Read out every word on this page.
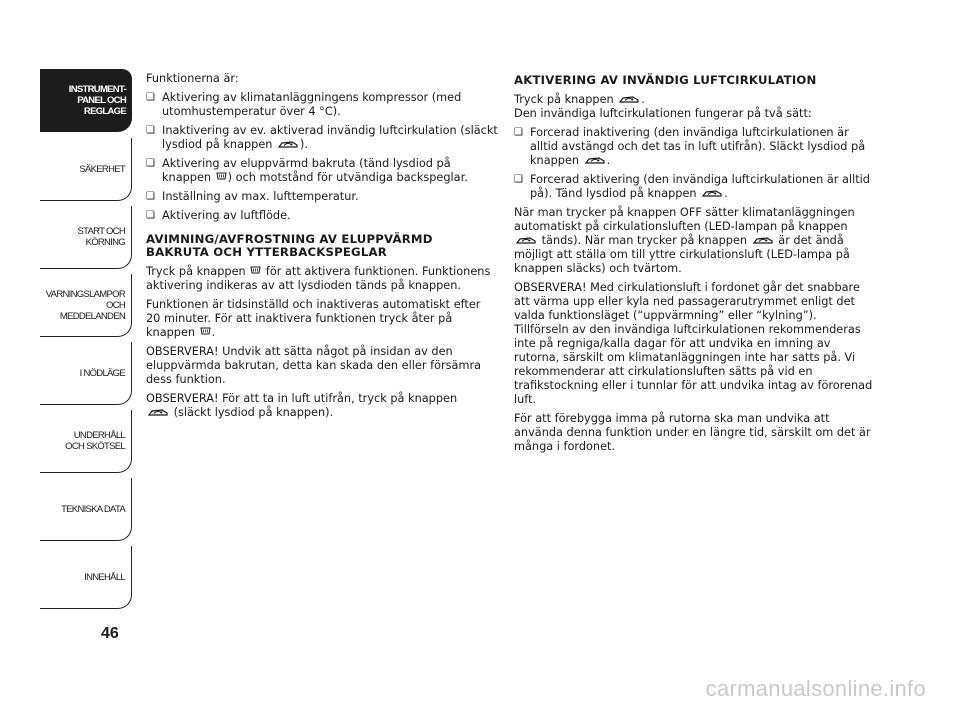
INSTRUMENT-
PANEL OCH
REGLAGE
SÄKERHET
START OCH
KÖRNING
VARNINGSLAMPOR
OCH
MEDDELANDEN
I NÖDLÄGE
UNDERHÅLL
OCH SKÖTSEL
TEKNISKA DATA
INNEHÅLL
46

Funktionerna är:

❏ Aktivering av klimatanläggningens kompressor (med utomhustemperatur över 4 °C).
❏ Inaktivering av ev. aktiverad invändig luftcirkulation (släckt lysdiod på knappen ).
❏ Aktivering av eluppvärmd bakruta (tänd lysdiod på knappen ) och motstånd för utvändiga backspeglar.
❏ Inställning av max. lufttemperatur.
❏ Aktivering av luftflöde.
AVIMNING/AVFROSTNING AV ELUPPVÄRMD BAKRUTA OCH YTTERBACKSPEGLAR

Tryck på knappen  för att aktivera funktionen. Funktionens aktivering indikeras av att lysdioden tänds på knappen.

Funktionen är tidsinställd och inaktiveras automatiskt efter 20 minuter. För att inaktivera funktionen tryck åter på knappen .

OBSERVERA! Undvik att sätta något på insidan av den eluppvärmda bakrutan, detta kan skada den eller försämra dess funktion.

OBSERVERA! För att ta in luft utifrån, tryck på knappen
(släckt lysdiod på knappen).

AKTIVERING AV INVÄNDIG LUFTCIRKULATION

Tryck på knappen .
Den invändiga luftcirkulationen fungerar på två sätt:

❏ Forcerad inaktivering (den invändiga luftcirkulationen är alltid avstängd och det tas in luft utifrån). Släckt lysdiod på knappen .
❏ Forcerad aktivering (den invändiga luftcirkulationen är alltid på). Tänd lysdiod på knappen .

När man trycker på knappen OFF sätter klimatanläggningen automatiskt på cirkulationsluften (LED-lampan på knappen  tänds). När man trycker på knappen  är det ändå möjligt att ställa om till yttre cirkulationsluft (LED-lampa på knappen släcks) och tvärtom.

OBSERVERA! Med cirkulationsluft i fordonet går det snabbare att värma upp eller kyla ned passagerarutrymmet enligt det valda funktionsläget (“uppvärmning” eller “kylning”). Tillförseln av den invändiga luftcirkulationen rekommenderas inte på regniga/kalla dagar för att undvika en imning av rutorna, särskilt om klimatanläggningen inte har satts på. Vi rekommenderar att cirkulationsluften sätts på vid en trafikstockning eller i tunnlar för att undvika intag av förorenad luft.

För att förebygga imma på rutorna ska man undvika att använda denna funktion under en längre tid, särskilt om det är många i fordonet.

carmanualsonline.info
